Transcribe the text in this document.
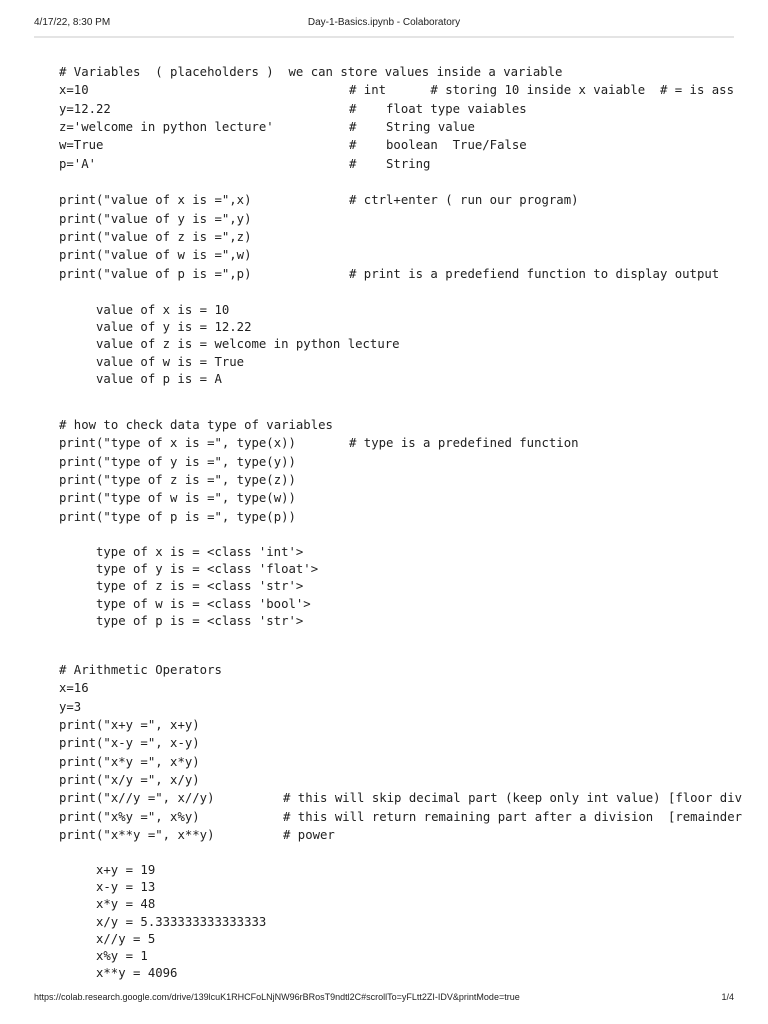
4/17/22, 8:30 PM	Day-1-Basics.ipynb - Colaboratory
# Variables  ( placeholders )  we can store values inside a variable
x=10	# int      # storing 10 inside x vaiable  # = is ass
y=12.22	#    float type vaiables
z='welcome in python lecture'	#    String value
w=True	#    boolean  True/False
p='A'	#    String
print("value of x is =",x)	# ctrl+enter ( run our program)
print("value of y is =",y)
print("value of z is =",z)
print("value of w is =",w)
print("value of p is =",p)	# print is a predefiend function to display output
value of x is = 10
value of y is = 12.22
value of z is = welcome in python lecture
value of w is = True
value of p is = A
# how to check data type of variables
print("type of x is =", type(x))	# type is a predefined function
print("type of y is =", type(y))
print("type of z is =", type(z))
print("type of w is =", type(w))
print("type of p is =", type(p))
type of x is = <class 'int'>
type of y is = <class 'float'>
type of z is = <class 'str'>
type of w is = <class 'bool'>
type of p is = <class 'str'>
# Arithmetic Operators
x=16
y=3
print("x+y =", x+y)
print("x-y =", x-y)
print("x*y =", x*y)
print("x/y =", x/y)
print("x//y =", x//y)	# this will skip decimal part (keep only int value) [floor div
print("x%y =", x%y)	# this will return remaining part after a division  [remainder
print("x**y =", x**y)	# power
x+y = 19
x-y = 13
x*y = 48
x/y = 5.333333333333333
x//y = 5
x%y = 1
x**y = 4096
https://colab.research.google.com/drive/139lcuK1RHCFoLNjNW96rBRosT9ndtl2C#scrollTo=yFLtt2ZI-IDV&printMode=true	1/4
